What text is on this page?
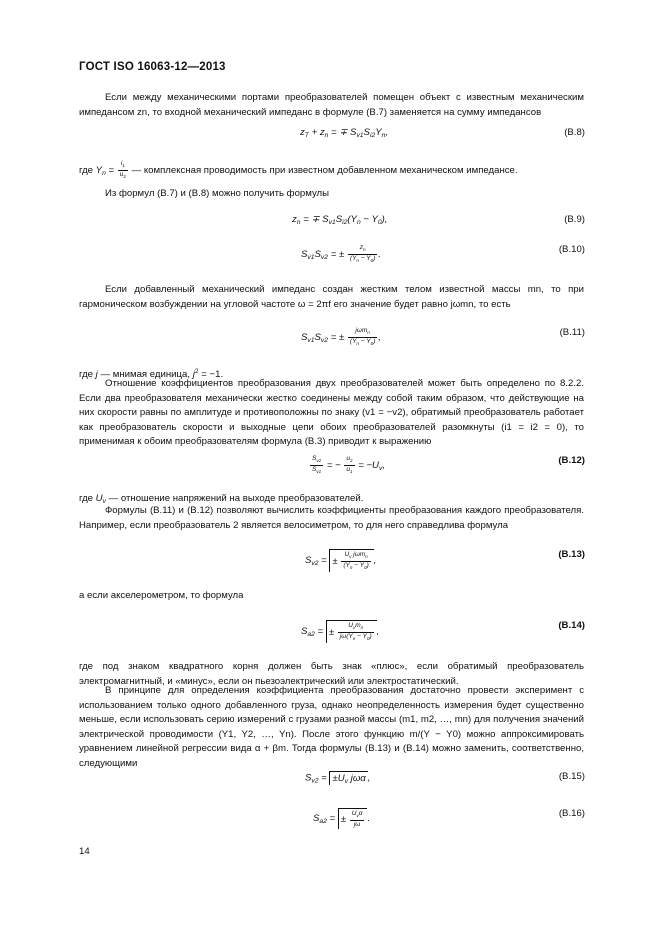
ГОСТ ISO 16063-12—2013
Если между механическими портами преобразователей помещен объект с известным механическим импедансом zn, то входной механический импеданс в формуле (В.7) заменяется на сумму импедансов
$z_T + z_n$ = ∓ $S_{v1}S_{i2}Y_n$,	(В.8)
где $Y_n = \frac{i_1}{u_2}$ — комплексная проводимость при известном добавленном механическом импедансе.
Из формул (В.7) и (В.8) можно получить формулы
$z_n$ = ∓ $S_{v1}S_{i2}(Y_n - Y_0)$,	(В.9)
$S_{v1}S_{v2}$ = ± $\frac{z_n}{(Y_n - Y_0)}$ .	(В.10)
Если добавленный механический импеданс создан жестким телом известной массы mn, то при гармоническом возбуждении на угловой частоте ω = 2πf его значение будет равно jωmn, то есть
$S_{v1}S_{v2}$ = ±
jωm$_n$
$(Y_n - Y_0)$ ,	(В.11)
где j — мнимая единица, $j^2 = -1$.
Отношение коэффициентов преобразования двух преобразователей может быть определено по 8.2.2. Если два преобразователя механически жестко соединены между собой таким образом, что действующие на них скорости равны по амплитуде и противоположны по знаку (v1 = −v2), обратимый преобразователь работает как преобразователь скорости и выходные цепи обоих преобразователей разомкнуты (i1 = i2 = 0), то применимая к обоим преобразователям формула (В.3) приводит к выражению
$\frac{S_{v2}}{S_{v1}}$ = − $\frac{u_2}{u_1} = -U_v$,	(В.12)
где $U_v$ — отношение напряжений на выходе преобразователей.
Формулы (В.11) и (В.12) позволяют вычислить коэффициенты преобразования каждого преобразователя. Например, если преобразователь 2 является велосиметром, то для него справедлива формула
$S_{v2}$ = ±
$U_v$ jωm$_n$
$(Y_n - Y_0)$ ,
(В.13)
а если акселерометром, то формула
$S_{a2}$ = ±
$U_vm_n$
$j\omega(Y_n - Y_0)$ ,
(В.14)
где под знаком квадратного корня должен быть знак «плюс», если обратимый преобразователь электромагнитный, и «минус», если он пьезоэлектрический или электростатический.
В принципе для определения коэффициента преобразования достаточно провести эксперимент с использованием только одного добавленного груза, однако неопределенность измерения будет существенно меньше, если использовать серию измерений с грузами разной массы (m1, m2, …, mn) для получения значений электрической проводимости (Y1, Y2, …, Yn). После этого функцию m/(Y − Y0) можно аппроксимировать уравнением линейной регрессии вида α + βm. Тогда формулы (В.13) и (В.14) можно заменить, соответственно, следующими
$S_{v2} = \pm U_v$ jωα ,	(В.15)
$S_{a2}$ = ±
$U_v\alpha$
jω
.	(В.16)
14
